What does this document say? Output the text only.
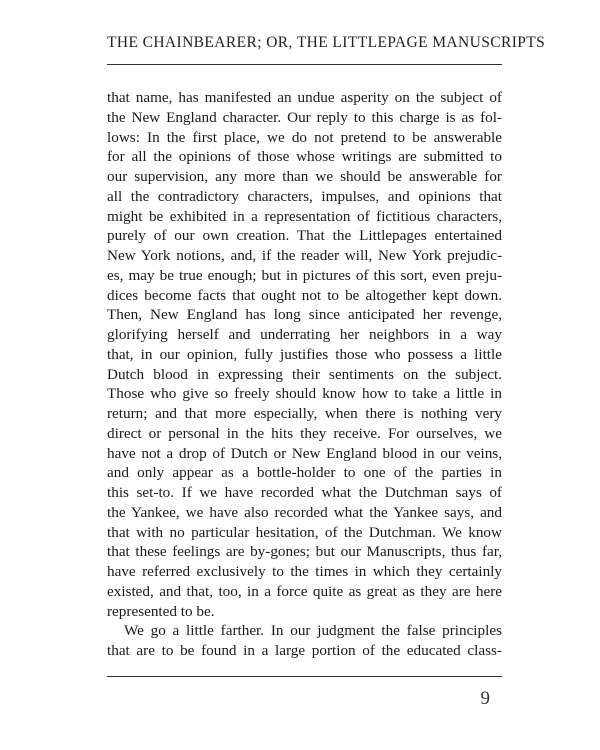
THE CHAINBEARER; OR, THE LITTLEPAGE MANUSCRIPTS
that name, has manifested an undue asperity on the subject of
the New England character. Our reply to this charge is as fol-
lows: In the first place, we do not pretend to be answerable
for all the opinions of those whose writings are submitted to
our supervision, any more than we should be answerable for
all the contradictory characters, impulses, and opinions that
might be exhibited in a representation of fictitious characters,
purely of our own creation. That the Littlepages entertained
New York notions, and, if the reader will, New York prejudic-
es, may be true enough; but in pictures of this sort, even preju-
dices become facts that ought not to be altogether kept down.
Then, New England has long since anticipated her revenge,
glorifying herself and underrating her neighbors in a way
that, in our opinion, fully justifies those who possess a little
Dutch blood in expressing their sentiments on the subject.
Those who give so freely should know how to take a little in
return; and that more especially, when there is nothing very
direct or personal in the hits they receive. For ourselves, we
have not a drop of Dutch or New England blood in our veins,
and only appear as a bottle-holder to one of the parties in
this set-to. If we have recorded what the Dutchman says of
the Yankee, we have also recorded what the Yankee says, and
that with no particular hesitation, of the Dutchman. We know
that these feelings are by-gones; but our Manuscripts, thus far,
have referred exclusively to the times in which they certainly
existed, and that, too, in a force quite as great as they are here
represented to be.
We go a little farther. In our judgment the false principles
that are to be found in a large portion of the educated class-
9
